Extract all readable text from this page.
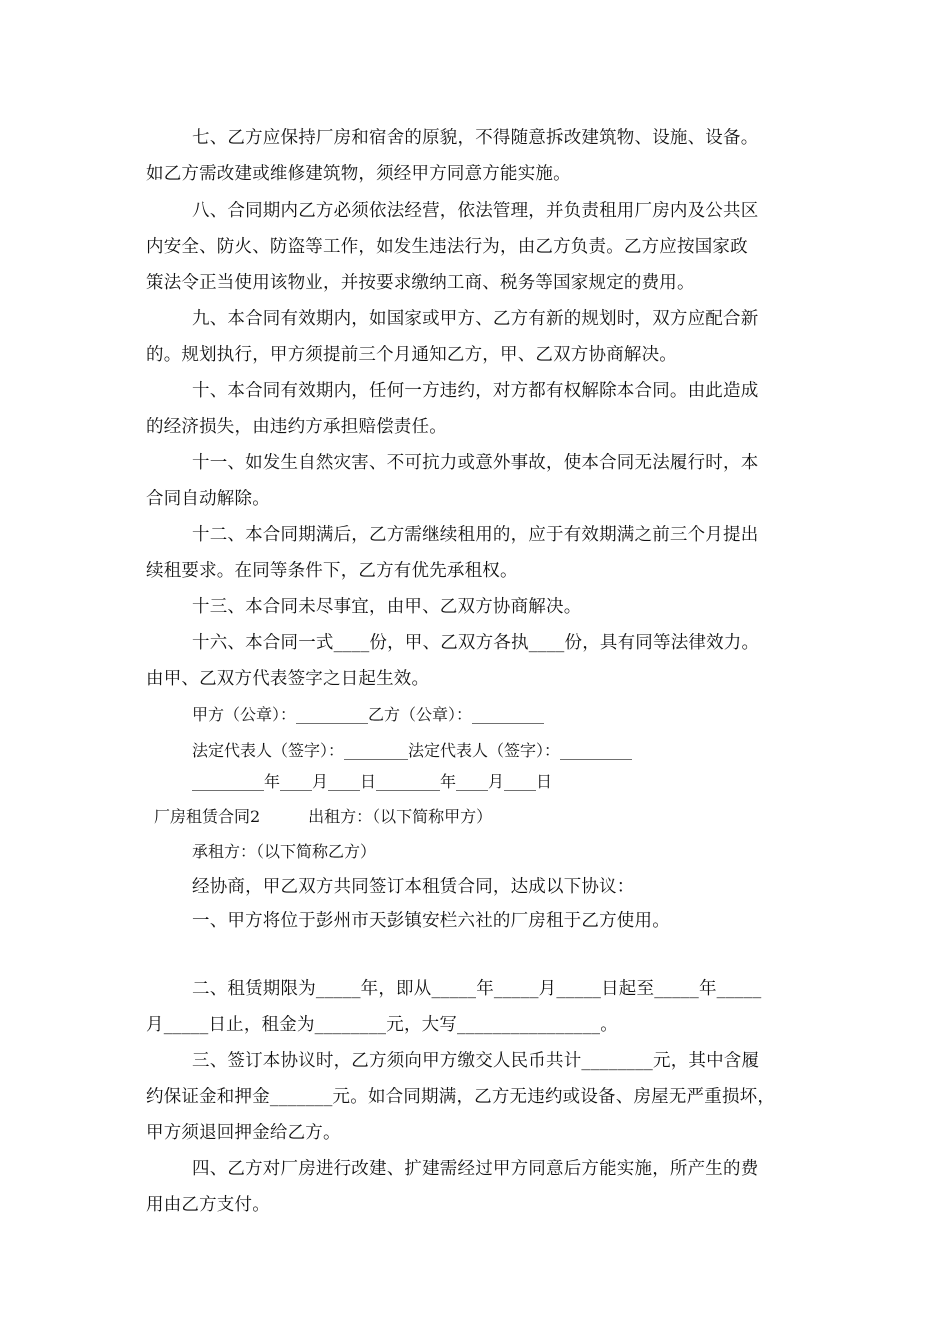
七、乙方应保持厂房和宿舍的原貌，不得随意拆改建筑物、设施、设备。
如乙方需改建或维修建筑物，须经甲方同意方能实施。
八、合同期内乙方必须依法经营，依法管理，并负责租用厂房内及公共区
内安全、防火、防盗等工作，如发生违法行为，由乙方负责。乙方应按国家政
策法令正当使用该物业，并按要求缴纳工商、税务等国家规定的费用。
九、本合同有效期内，如国家或甲方、乙方有新的规划时，双方应配合新
的。规划执行，甲方须提前三个月通知乙方，甲、乙双方协商解决。
十、本合同有效期内，任何一方违约，对方都有权解除本合同。由此造成
的经济损失，由违约方承担赔偿责任。
十一、如发生自然灾害、不可抗力或意外事故，使本合同无法履行时，本
合同自动解除。
十二、本合同期满后，乙方需继续租用的，应于有效期满之前三个月提出
续租要求。在同等条件下，乙方有优先承租权。
十三、本合同未尽事宜，由甲、乙双方协商解决。
十六、本合同一式____份，甲、乙双方各执____份，具有同等法律效力。
由甲、乙双方代表签字之日起生效。
甲方（公章）：_________乙方（公章）：_________
法定代表人（签字）：________法定代表人（签字）：_________
_________年____月____日________年____月____日
厂房租赁合同2　　　出租方：（以下简称甲方）
承租方：（以下简称乙方）
经协商，甲乙双方共同签订本租赁合同，达成以下协议：
一、甲方将位于彭州市天彭镇安栏六社的厂房租于乙方使用。
二、租赁期限为_____年，即从_____年_____月_____日起至_____年_____
月_____日止，租金为________元，大写________________。
三、签订本协议时，乙方须向甲方缴交人民币共计________元，其中含履
约保证金和押金_______元。如合同期满，乙方无违约或设备、房屋无严重损坏，
甲方须退回押金给乙方。
四、乙方对厂房进行改建、扩建需经过甲方同意后方能实施，所产生的费
用由乙方支付。
